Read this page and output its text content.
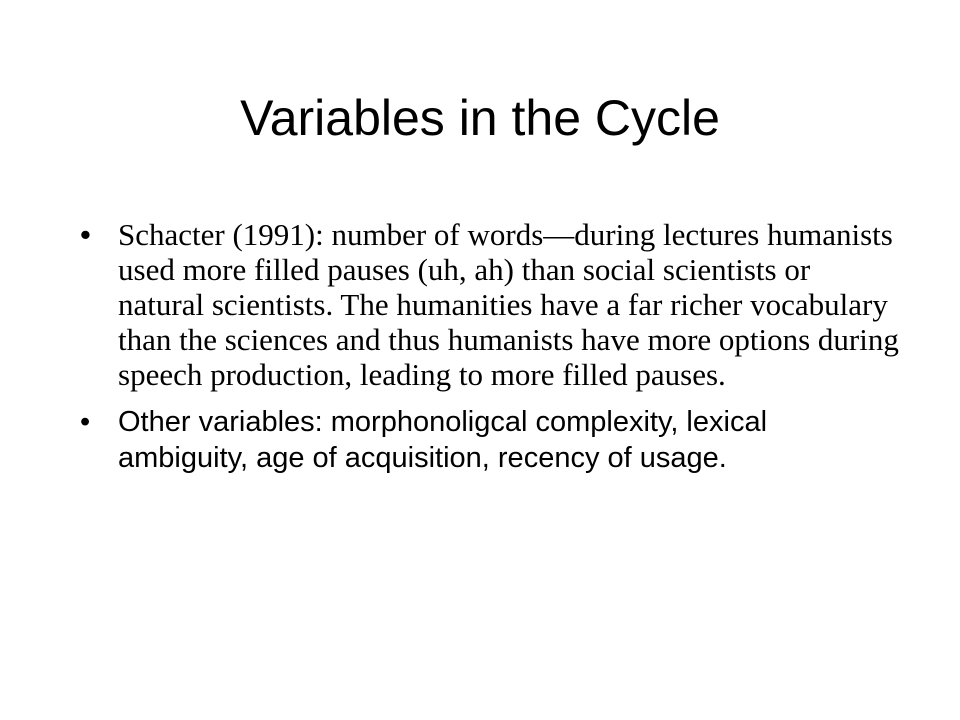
Variables in the Cycle
• Schacter (1991): number of words—during lectures humanists used more filled pauses (uh, ah) than social scientists or natural scientists. The humanities have a far richer vocabulary than the sciences and thus humanists have more options during speech production, leading to more filled pauses.
• Other variables: morphonoligcal complexity, lexical ambiguity, age of acquisition, recency of usage.
